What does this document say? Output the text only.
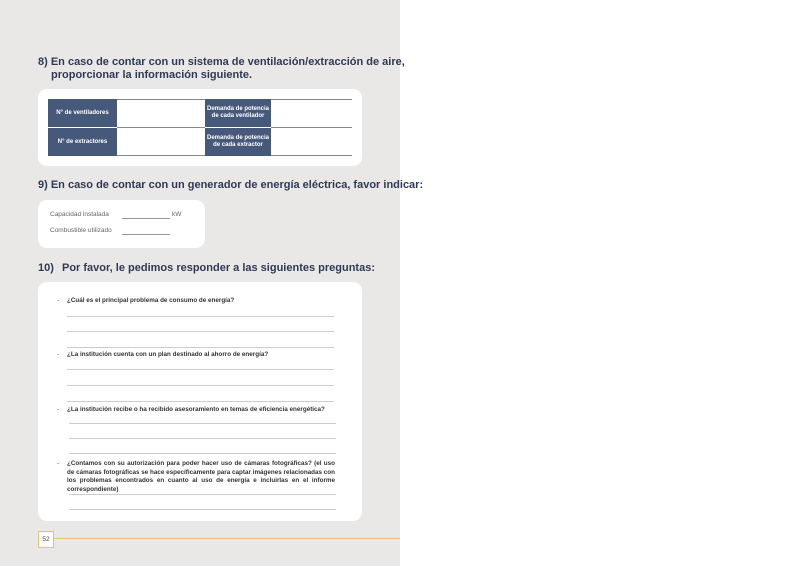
8) En caso de contar con un sistema de ventilación/extracción de aire,
proporcionar la información siguiente.
N° de ventiladores
Demanda de potencia de cada ventilador
N° de extractores
Demanda de potencia de cada extractor
9) En caso de contar con un generador de energía eléctrica, favor indicar:
Capacidad instalada	kW
Combustible utilizado
10) Por favor, le pedimos responder a las siguientes preguntas:
- ¿Cuál es el principal problema de consumo de energía?
- ¿La institución cuenta con un plan destinado al ahorro de energía?
- ¿La institución recibe o ha recibido asesoramiento en temas de eficiencia energética?
- ¿Contamos con su autorización para poder hacer uso de cámaras fotográficas? (el uso de cámaras fotográficas se hace específicamente para captar imágenes relacionadas con los problemas encontrados en cuanto al uso de energía e incluirlas en el informe correspondiente)
52
